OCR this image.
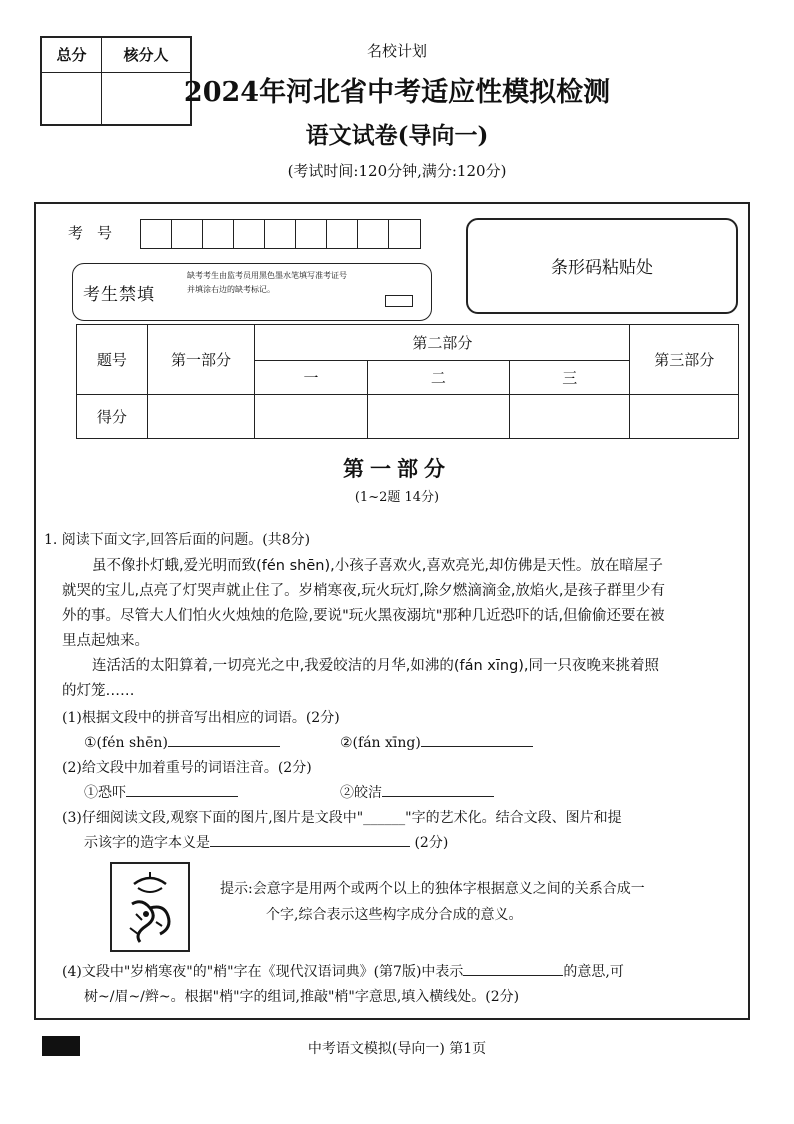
总分	核分人	名校计划
2024年河北省中考适应性模拟检测
语文试卷(导向一)
(考试时间:120分钟,满分:120分)
考号
条形码粘贴处
考生禁填
缺考考生由监考员用黑色墨水笔填写准考证号并填涂右边的缺考标记。
题号	第一部分	第二部分			第三部分
		一	二	三	
得分					
第一部分
(1~2题 14分)
1. 阅读下面文字,回答后面的问题。(共8分)
虽不像扑灯蛾,爱光明而致(fén shēn),小孩子喜欢火,喜欢亮光,却仿佛是天性。放在暗屋子
就哭的宝儿,点亮了灯哭声就止住了。岁梢寒夜,玩火玩灯,除夕燃滴滴金,放焰火,是孩子群里少有
外的事。尽管大人们怕火火烛烛的危险,要说"玩火黑夜溺坑"那种几近恐吓的话,但偷偷还要在被
里点起烛来。
连活活的太阳算着,一切亮光之中,我爱皎洁的月华,如沸的(fán xīng),同一只夜晚来挑着照
的灯笼……
(1)根据文段中的拼音写出相应的词语。(2分)
①(fén shēn)	②(fán xīng)
(2)给文段中加着重号的词语注音。(2分)
①恐吓	②皎洁
(3)仔细阅读文段,观察下面的图片,图片是文段中"______"字的艺术化。结合文段、图片和提
示该字的造字本义是	(2分)
提示:会意字是用两个或两个以上的独体字根据意义之间的关系合成一
个字,综合表示这些构字成分合成的意义。
(4)文段中"岁梢寒夜"的"梢"字在《现代汉语词典》(第7版)中表示	的意思,可
树~/眉~/辫~。根据"梢"字的组词,推敲"梢"字意思,填入横线处。(2分)
中考语文模拟(导向一) 第1页
